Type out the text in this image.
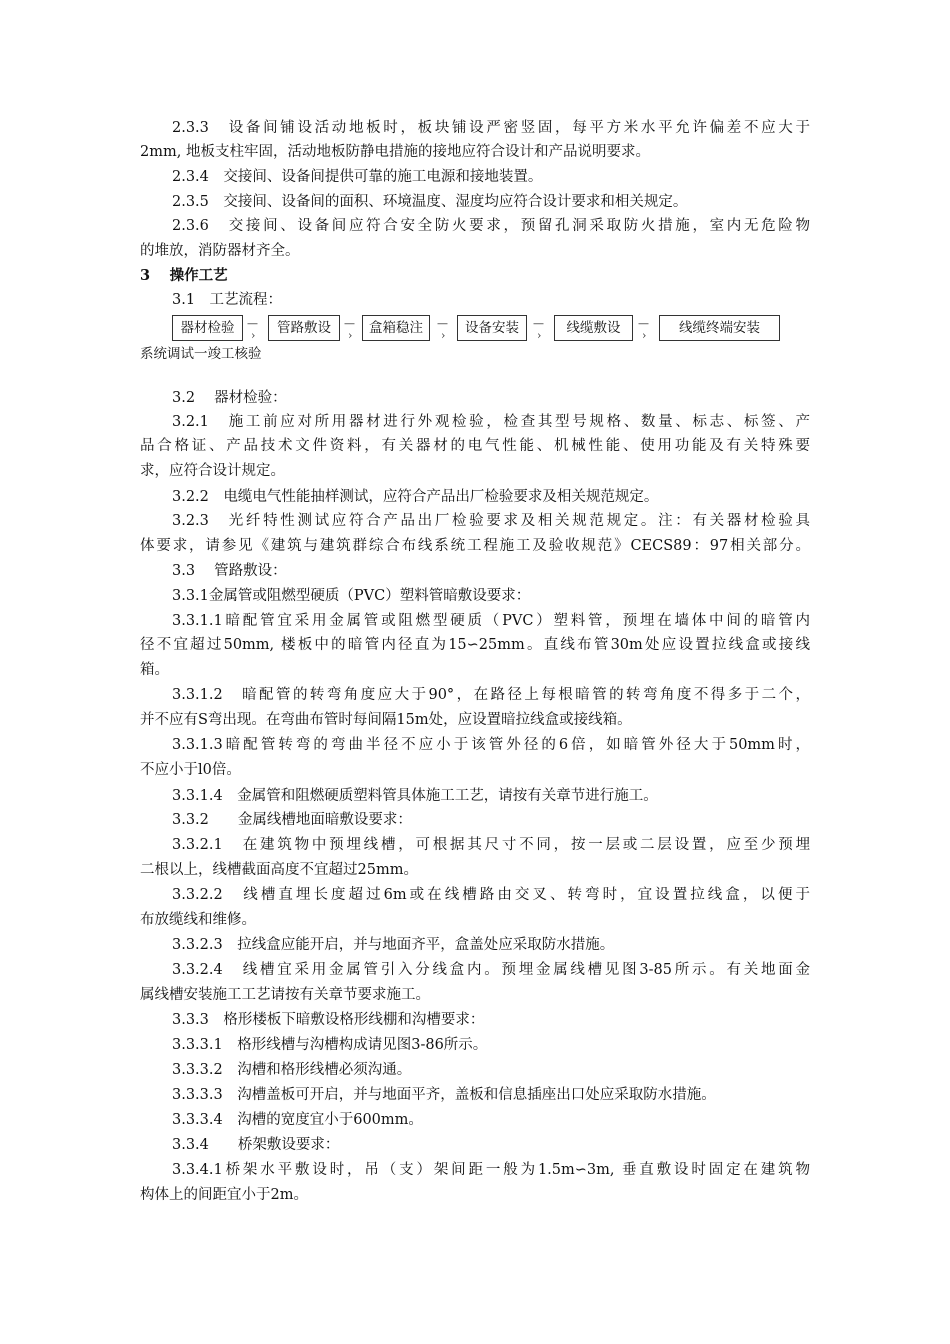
2.3.3　设备间铺设活动地板时，板块铺设严密竖固，每平方米水平允许偏差不应大于
2mm, 地板支柱牢固，活动地板防静电措施的接地应符合设计和产品说明要求。
2.3.4　交接间、设备间提供可靠的施工电源和接地装置。
2.3.5　交接间、设备间的面积、环境温度、湿度均应符合设计要求和相关规定。
2.3.6　交接间、设备间应符合安全防火要求，预留孔洞采取防火措施，室内无危险物
的堆放，消防器材齐全。
3　 操作工艺
3.1　工艺流程：
器材检验	—
›	管路敷设	—
›	盒箱稳注	—
›	设备安装	—
›	线缆敷设	—
›	线缆终端安装
系统调试一竣工核验
3.2　 器材检验：
3.2.1　施工前应对所用器材进行外观检验，检查其型号规格、数量、标志、标签、产
品合格证、产品技术文件资料，有关器材的电气性能、机械性能、使用功能及有关特殊要
求，应符合设计规定。
3.2.2　电缆电气性能抽样测试，应符合产品出厂检验要求及相关规范规定。
3.2.3　光纤特性测试应符合产品出厂检验要求及相关规范规定。注：有关器材检验具
体要求，请参见《建筑与建筑群综合布线系统工程施工及验收规范》CECS89：97相关部分。
3.3　 管路敷设：
3.3.1金属管或阻燃型硬质（PVC）塑料管暗敷设要求：
3.3.1.1暗配管宜采用金属管或阻燃型硬质（PVC）塑料管，预埋在墙体中间的暗管内
径不宜超过50mm, 楼板中的暗管内径直为15∽25mm。直线布管30m处应设置拉线盒或接线
箱。
3.3.1.2　暗配管的转弯角度应大于90°，在路径上每根暗管的转弯角度不得多于二个，
并不应有S弯出现。在弯曲布管时每间隔15m处，应设置暗拉线盒或接线箱。
3.3.1.3暗配管转弯的弯曲半径不应小于该管外径的6倍，如暗管外径大于50mm时，
不应小于l0倍。
3.3.1.4　金属管和阻燃硬质塑料管具体施工工艺，请按有关章节进行施工。
3.3.2　　金属线槽地面暗敷设要求：
3.3.2.1　在建筑物中预埋线槽，可根据其尺寸不同，按一层或二层设置，应至少预埋
二根以上，线槽截面高度不宜超过25mm。
3.3.2.2　线槽直埋长度超过6m或在线槽路由交叉、转弯时，宜设置拉线盒，以便于
布放缆线和维修。
3.3.2.3　拉线盒应能开启，并与地面齐平，盒盖处应采取防水措施。
3.3.2.4　线槽宜采用金属管引入分线盒内。预埋金属线槽见图3-85所示。有关地面金
属线槽安装施工工艺请按有关章节要求施工。
3.3.3　格形楼板下暗敷设格形线棚和沟槽要求：
3.3.3.1　格形线槽与沟槽构成请见图3-86所示。
3.3.3.2　沟槽和格形线槽必须沟通。
3.3.3.3　沟槽盖板可开启，并与地面平齐，盖板和信息插座出口处应采取防水措施。
3.3.3.4　沟槽的宽度宜小于600mm。
3.3.4　　桥架敷设要求：
3.3.4.1桥架水平敷设时，吊（支）架间距一般为1.5m∽3m, 垂直敷设时固定在建筑物
构体上的间距宜小于2m。
